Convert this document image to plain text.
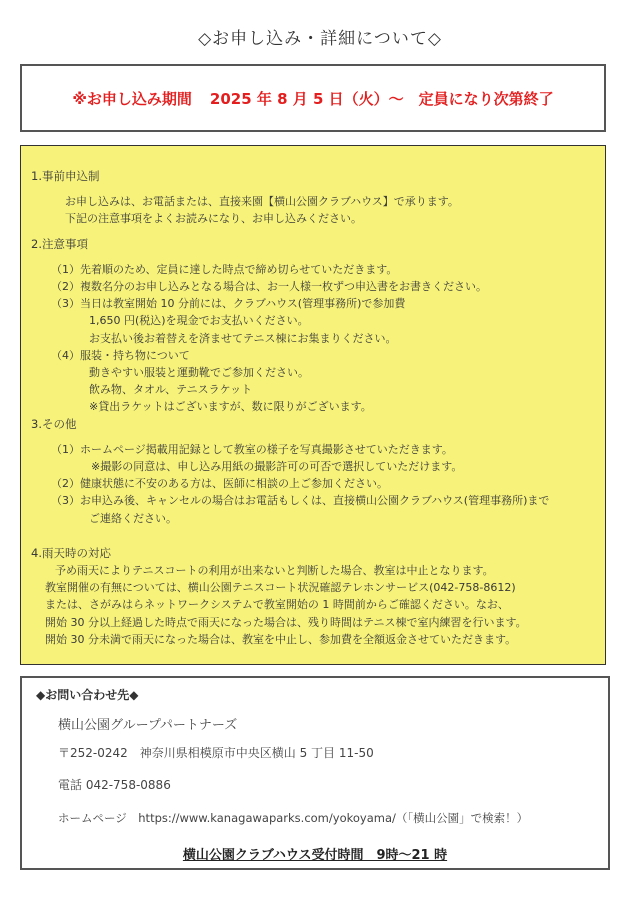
◇お申し込み・詳細について◇
※お申し込み期間 2025 年 8 月 5 日（火）～　定員になり次第終了
1.事前申込制
お申し込みは、お電話または、直接来園【横山公園クラブハウス】で承ります。
下記の注意事項をよくお読みになり、お申し込みください。
2.注意事項
（1）先着順のため、定員に達した時点で締め切らせていただきます。
（2）複数名分のお申し込みとなる場合は、お一人様一枚ずつ申込書をお書きください。
（3）当日は教室開始 10 分前には、クラブハウス(管理事務所)で参加費
1,650 円(税込)を現金でお支払いください。
お支払い後お着替えを済ませてテニス棟にお集まりください。
（4）服装・持ち物について
動きやすい服装と運動靴でご参加ください。
飲み物、タオル、テニスラケット
※貸出ラケットはございますが、数に限りがございます。
3.その他
（1）ホームページ掲載用記録として教室の様子を写真撮影させていただきます。
※撮影の同意は、申し込み用紙の撮影許可の可否で選択していただけます。
（2）健康状態に不安のある方は、医師に相談の上ご参加ください。
（3）お申込み後、キャンセルの場合はお電話もしくは、直接横山公園クラブハウス(管理事務所)まで
ご連絡ください。
4.雨天時の対応
予め雨天によりテニスコートの利用が出来ないと判断した場合、教室は中止となります。
教室開催の有無については、横山公園テニスコート状況確認テレホンサービス(042-758-8612)
または、さがみはらネットワークシステムで教室開始の 1 時間前からご確認ください。なお、
開始 30 分以上経過した時点で雨天になった場合は、残り時間はテニス棟で室内練習を行います。
開始 30 分未満で雨天になった場合は、教室を中止し、参加費を全額返金させていただきます。
◆お問い合わせ先◆
横山公園グループパートナーズ
〒252-0242　神奈川県相模原市中央区横山 5 丁目 11-50
電話 042-758-0886
ホームページ　https://www.kanagawaparks.com/yokoyama/（「横山公園」で検索！）
横山公園クラブハウス受付時間　9時～21 時
